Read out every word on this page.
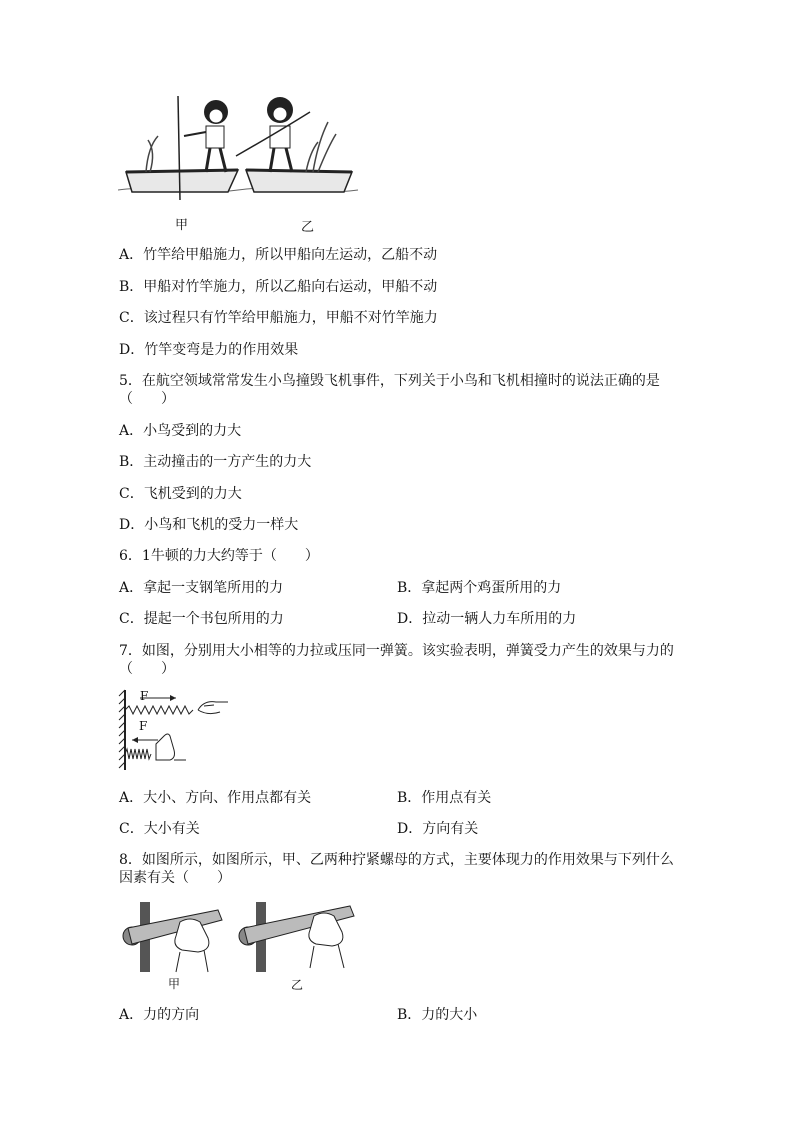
甲	乙
A．竹竿给甲船施力，所以甲船向左运动，乙船不动
B．甲船对竹竿施力，所以乙船向右运动，甲船不动
C．该过程只有竹竿给甲船施力，甲船不对竹竿施力
D．竹竿变弯是力的作用效果
5．在航空领域常常发生小鸟撞毁飞机事件，下列关于小鸟和飞机相撞时的说法正确的是
（　　）
A．小鸟受到的力大
B．主动撞击的一方产生的力大
C．飞机受到的力大
D．小鸟和飞机的受力一样大
6．1牛顿的力大约等于（　　）
A．拿起一支钢笔所用的力	B．拿起两个鸡蛋所用的力
C．提起一个书包所用的力	D．拉动一辆人力车所用的力
7．如图，分别用大小相等的力拉或压同一弹簧。该实验表明，弹簧受力产生的效果与力的
（　　）
F
F
A．大小、方向、作用点都有关	B．作用点有关
C．大小有关	D．方向有关
8．如图所示，如图所示，甲、乙两种拧紧螺母的方式，主要体现力的作用效果与下列什么
因素有关（　　）
甲	乙
A．力的方向	B．力的大小
